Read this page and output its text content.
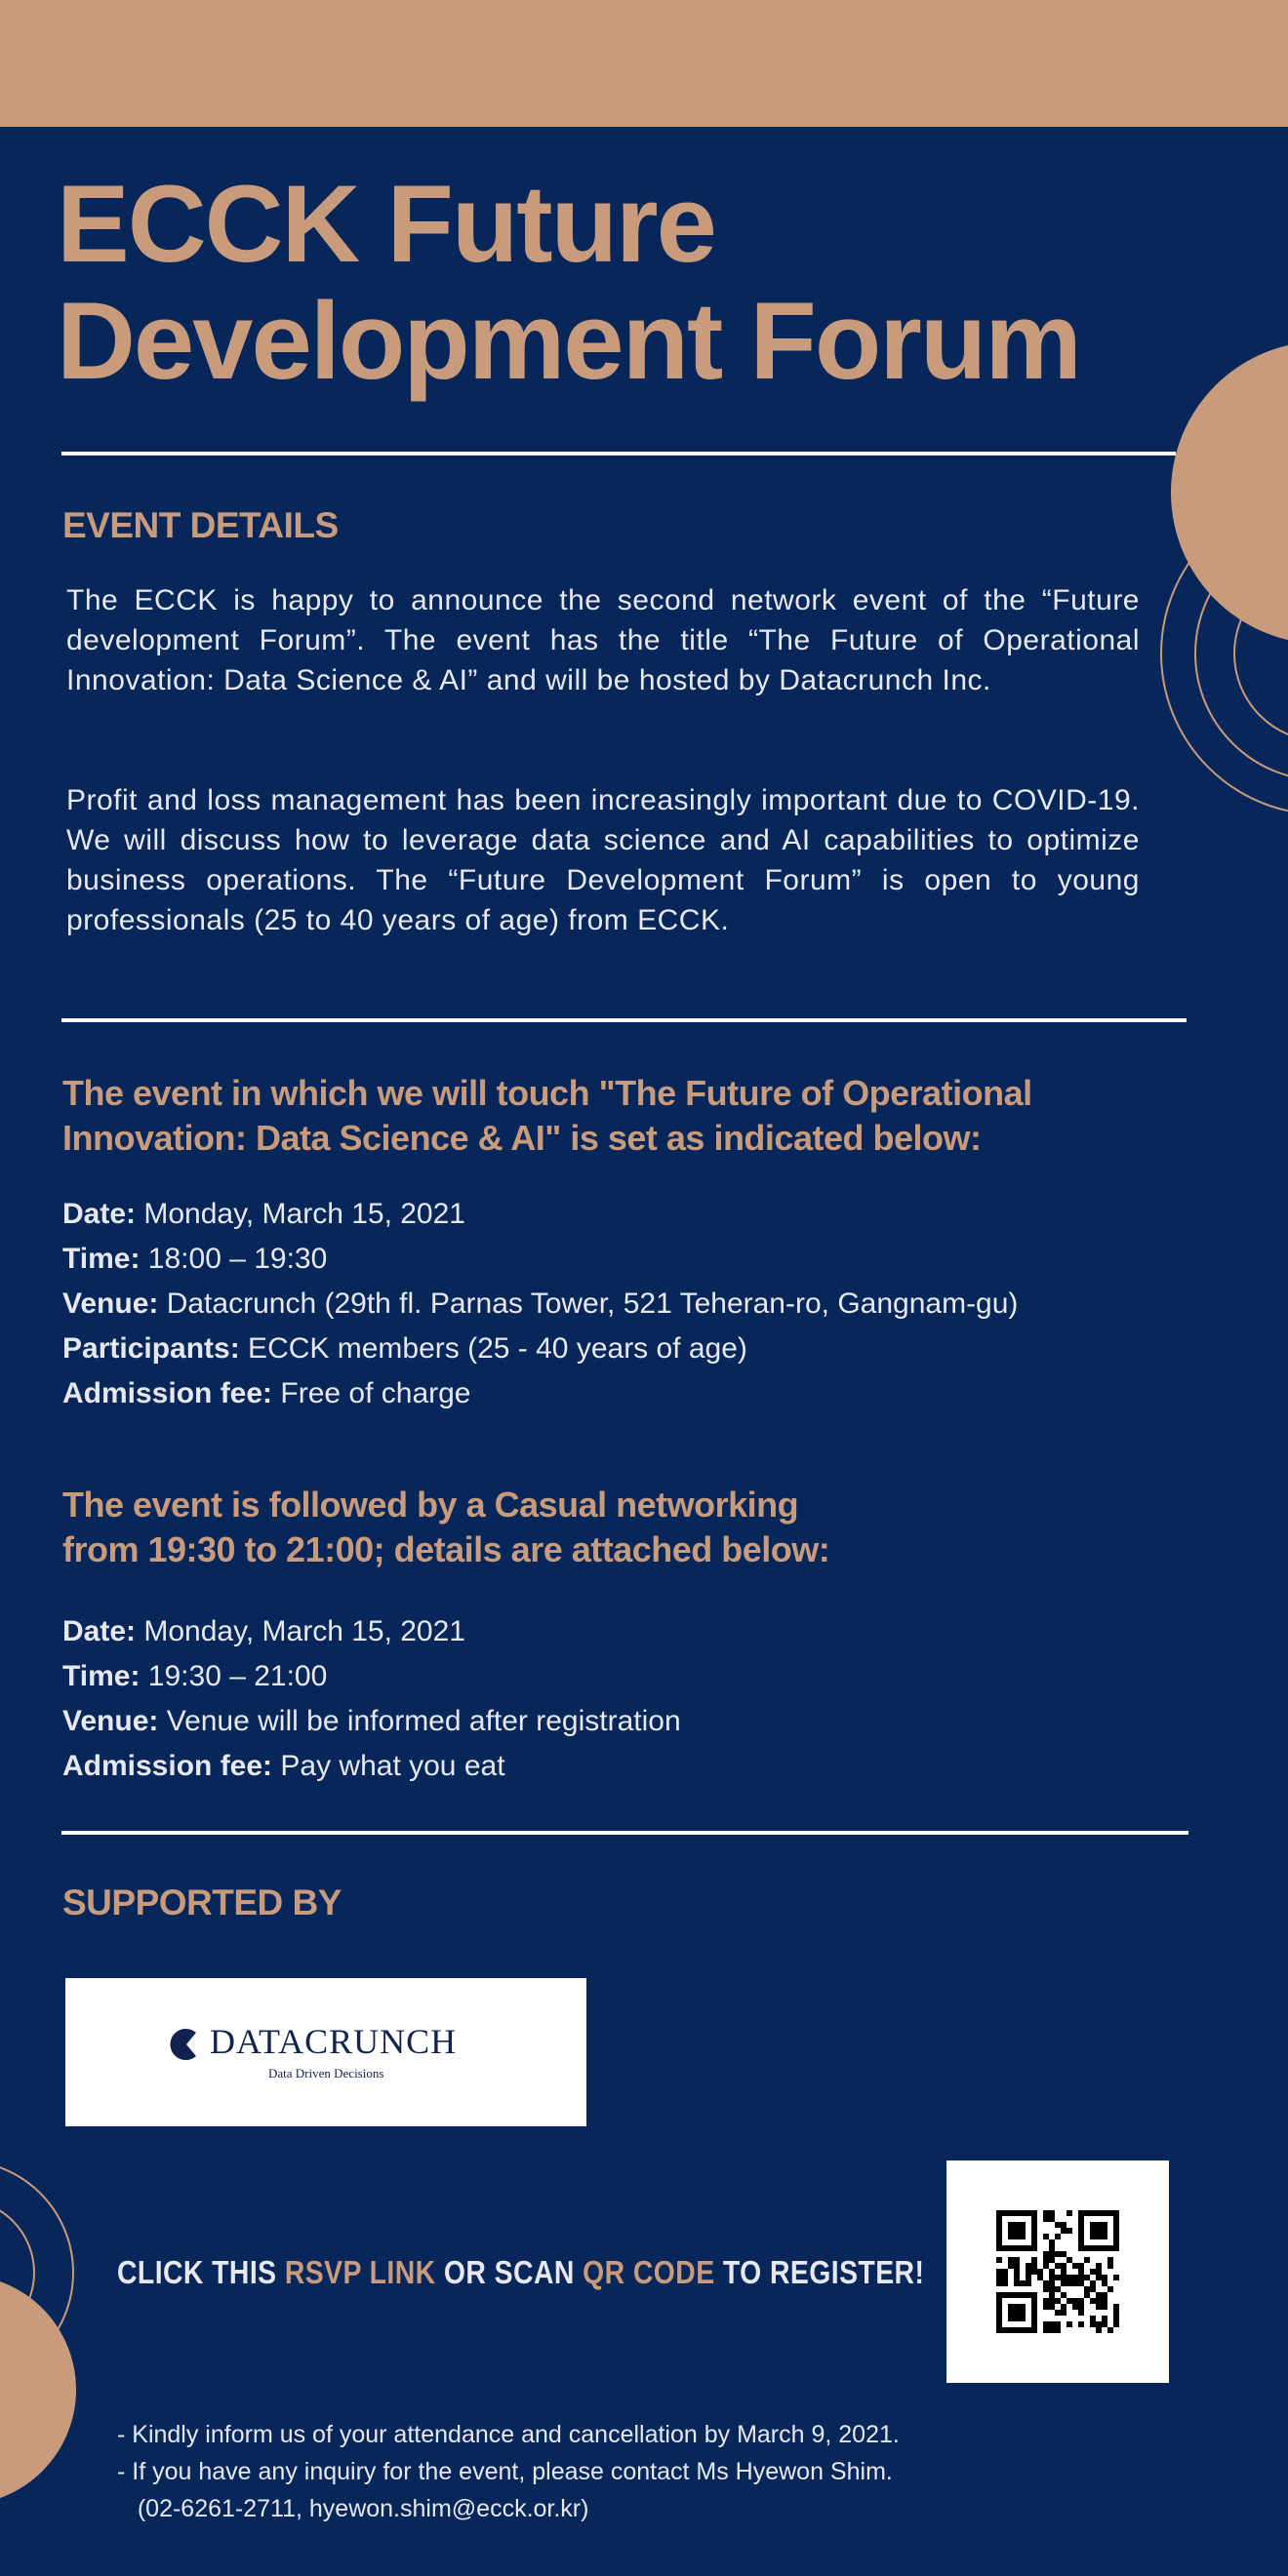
ECCK Future
Development Forum
EVENT DETAILS
The ECCK is happy to announce the second network event of the “Future development Forum”. The event has the title “The Future of Operational Innovation: Data Science & AI” and will be hosted by Datacrunch Inc.
Profit and loss management has been increasingly important due to COVID-19. We will discuss how to leverage data science and AI capabilities to optimize business operations. The “Future Development Forum” is open to young professionals (25 to 40 years of age) from ECCK.
The event in which we will touch "The Future of Operational
Innovation: Data Science & AI" is set as indicated below:
Date: Monday, March 15, 2021
Time: 18:00 – 19:30
Venue: Datacrunch (29th fl. Parnas Tower, 521 Teheran-ro, Gangnam-gu)
Participants: ECCK members (25 - 40 years of age)
Admission fee: Free of charge
The event is followed by a Casual networking
from 19:30 to 21:00; details are attached below:
Date: Monday, March 15, 2021
Time: 19:30 – 21:00
Venue: Venue will be informed after registration
Admission fee: Pay what you eat
SUPPORTED BY
DATACRUNCH
Data Driven Decisions
CLICK THIS RSVP LINK OR SCAN QR CODE TO REGISTER!
- Kindly inform us of your attendance and cancellation by March 9, 2021.
- If you have any inquiry for the event, please contact Ms Hyewon Shim.
(02-6261-2711, hyewon.shim@ecck.or.kr)
